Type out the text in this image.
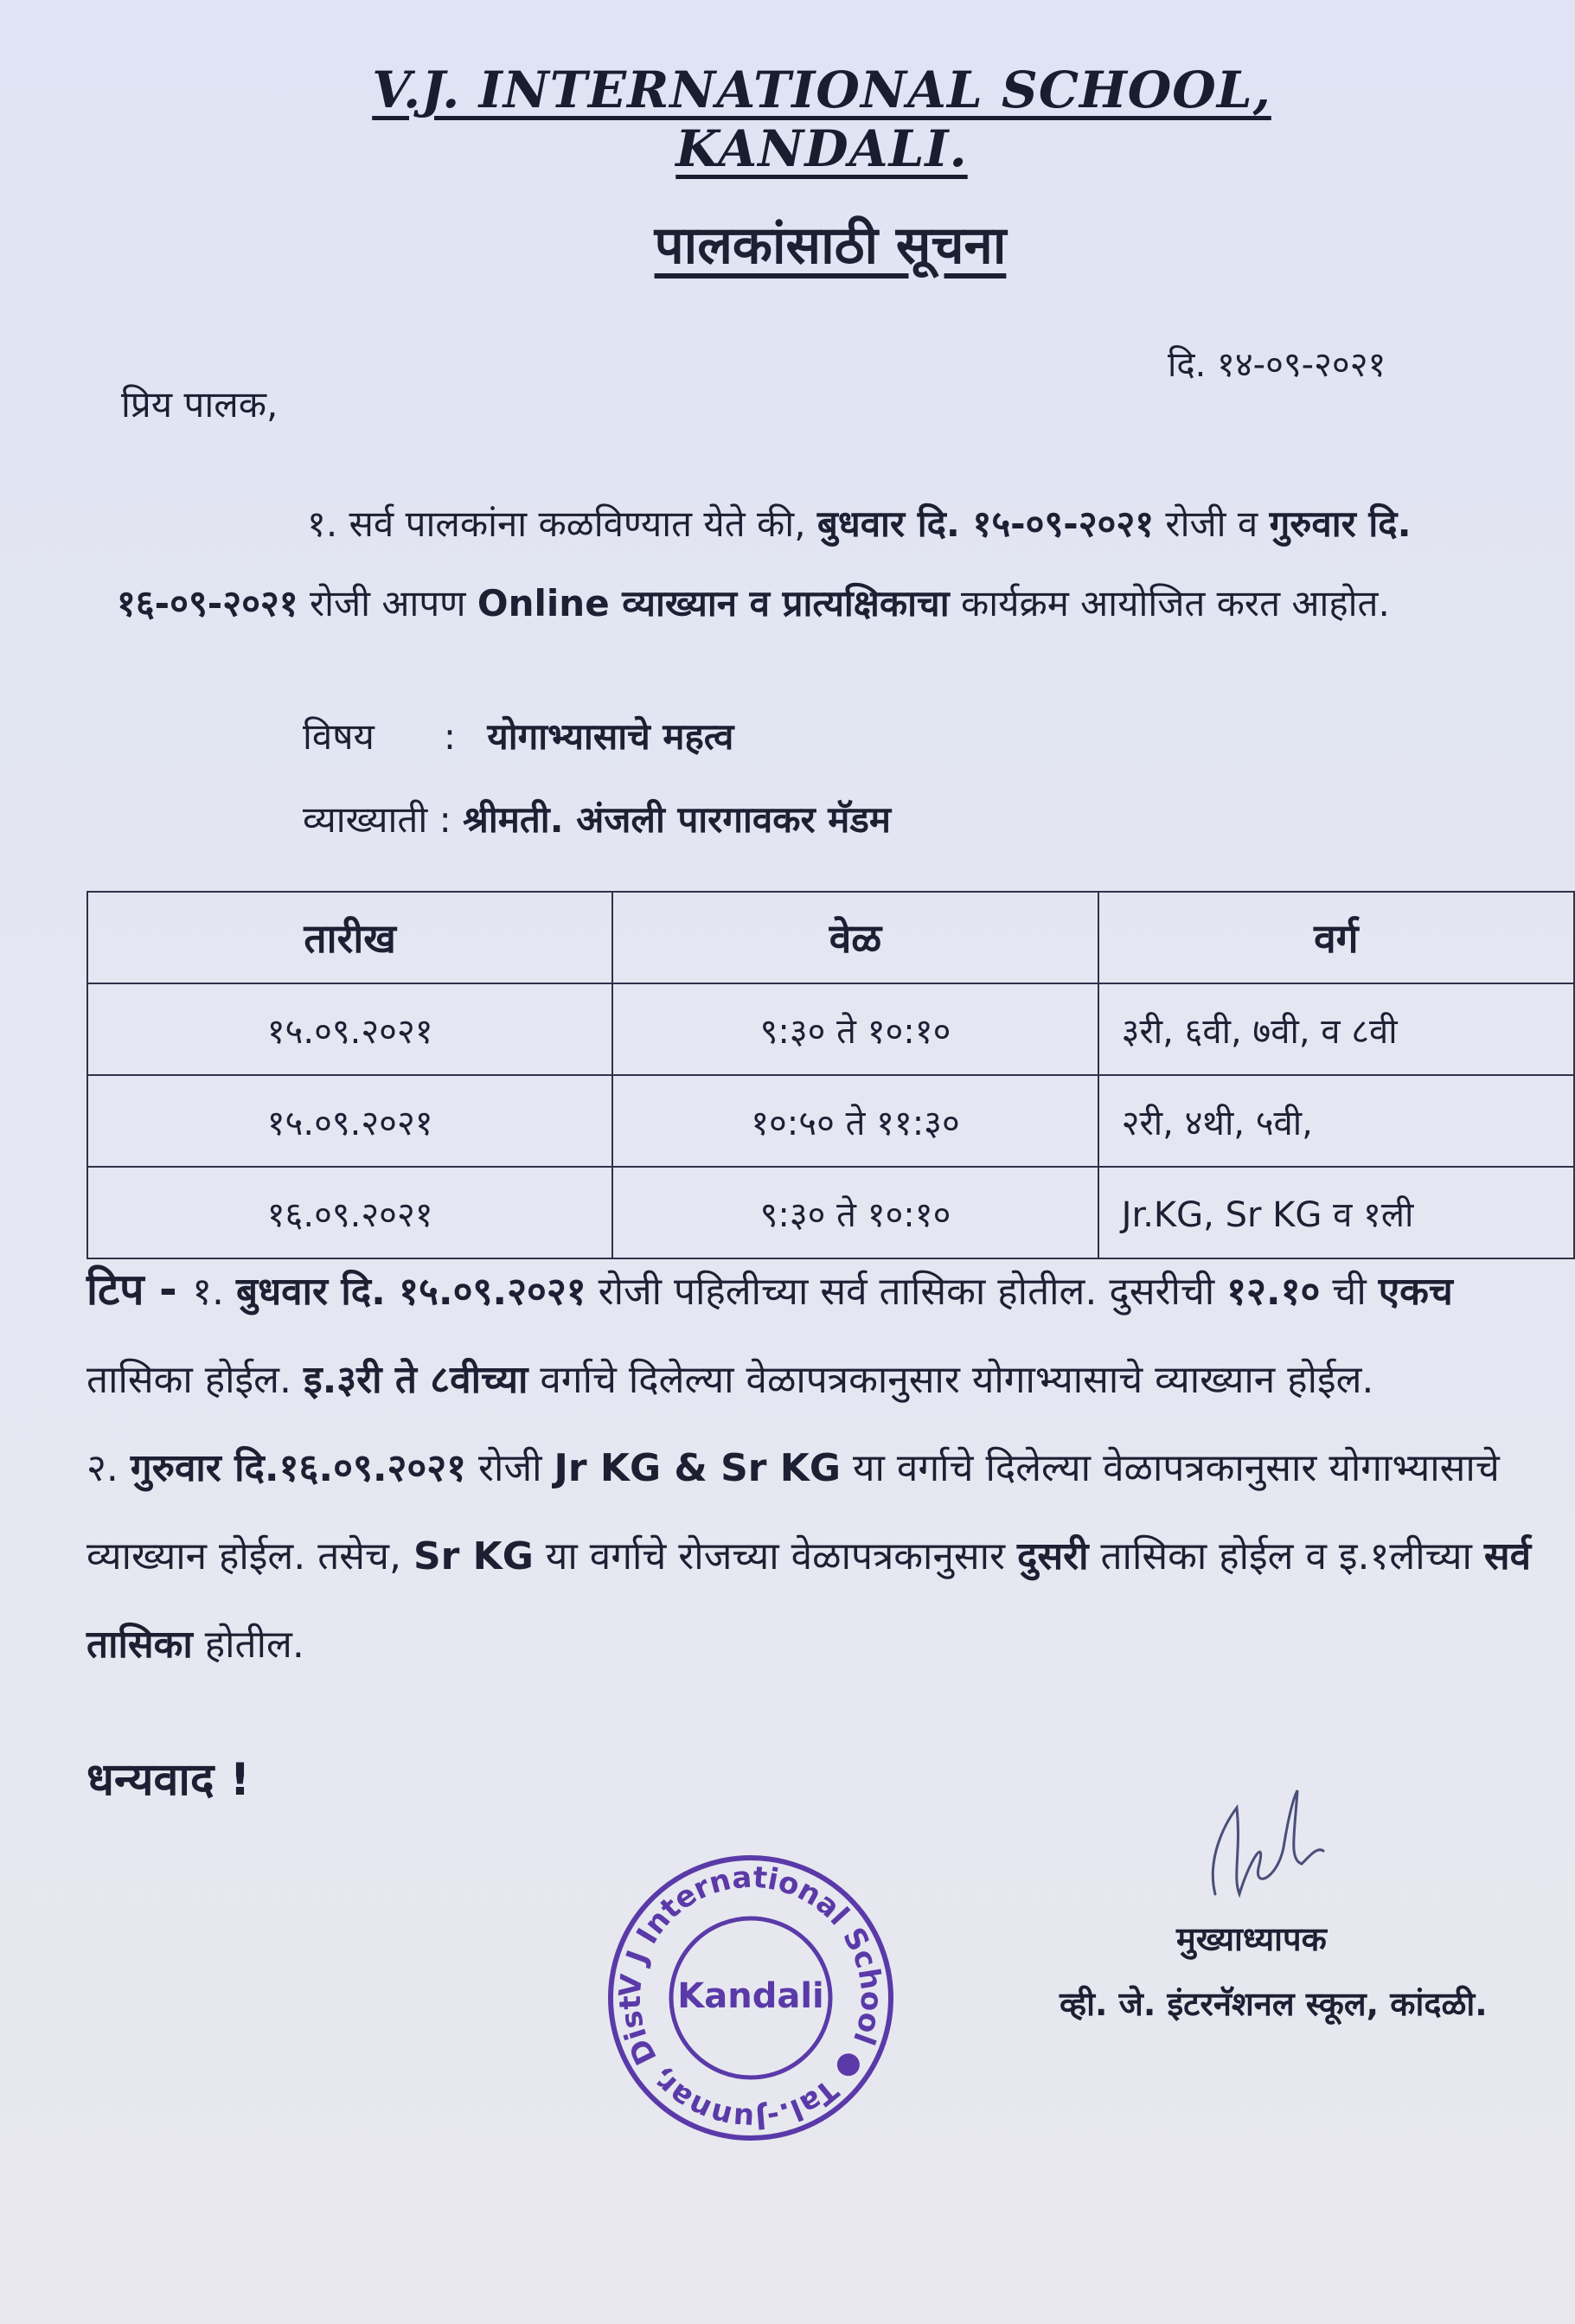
V.J. INTERNATIONAL SCHOOL, KANDALI.
पालकांसाठी सूचना
दि. १४-०९-२०२१
प्रिय पालक,
१. सर्व पालकांना कळविण्यात येते की, बुधवार दि. १५-०९-२०२१ रोजी व गुरुवार दि. १६-०९-२०२१ रोजी आपण Online व्याख्यान व प्रात्यक्षिकाचा कार्यक्रम आयोजित करत आहोत.
विषय : योगाभ्यासाचे महत्व
व्याख्याती : श्रीमती. अंजली पारगावकर मॅडम
तारीख	वेळ	वर्ग
१५.०९.२०२१	९:३० ते १०:१०	३री, ६वी, ७वी, व ८वी
१५.०९.२०२१	१०:५० ते ११:३०	२री, ४थी, ५वी,
१६.०९.२०२१	९:३० ते १०:१०	Jr.KG, Sr KG व १ली

टिप - १. बुधवार दि. १५.०९.२०२१ रोजी पहिलीच्या सर्व तासिका होतील. दुसरीची १२.१० ची एकच तासिका होईल. इ.३री ते ८वीच्या वर्गाचे दिलेल्या वेळापत्रकानुसार योगाभ्यासाचे व्याख्यान होईल.

२. गुरुवार दि.१६.०९.२०२१ रोजी Jr KG & Sr KG या वर्गाचे दिलेल्या वेळापत्रकानुसार योगाभ्यासाचे व्याख्यान होईल. तसेच, Sr KG या वर्गाचे रोजच्या वेळापत्रकानुसार दुसरी तासिका होईल व इ.१लीच्या सर्व तासिका होतील.

धन्यवाद !
V J International School ● Tal.-Junnar, Dist Kandali
मुख्याध्यापक
व्ही. जे. इंटरनॅशनल स्कूल, कांदळी.
